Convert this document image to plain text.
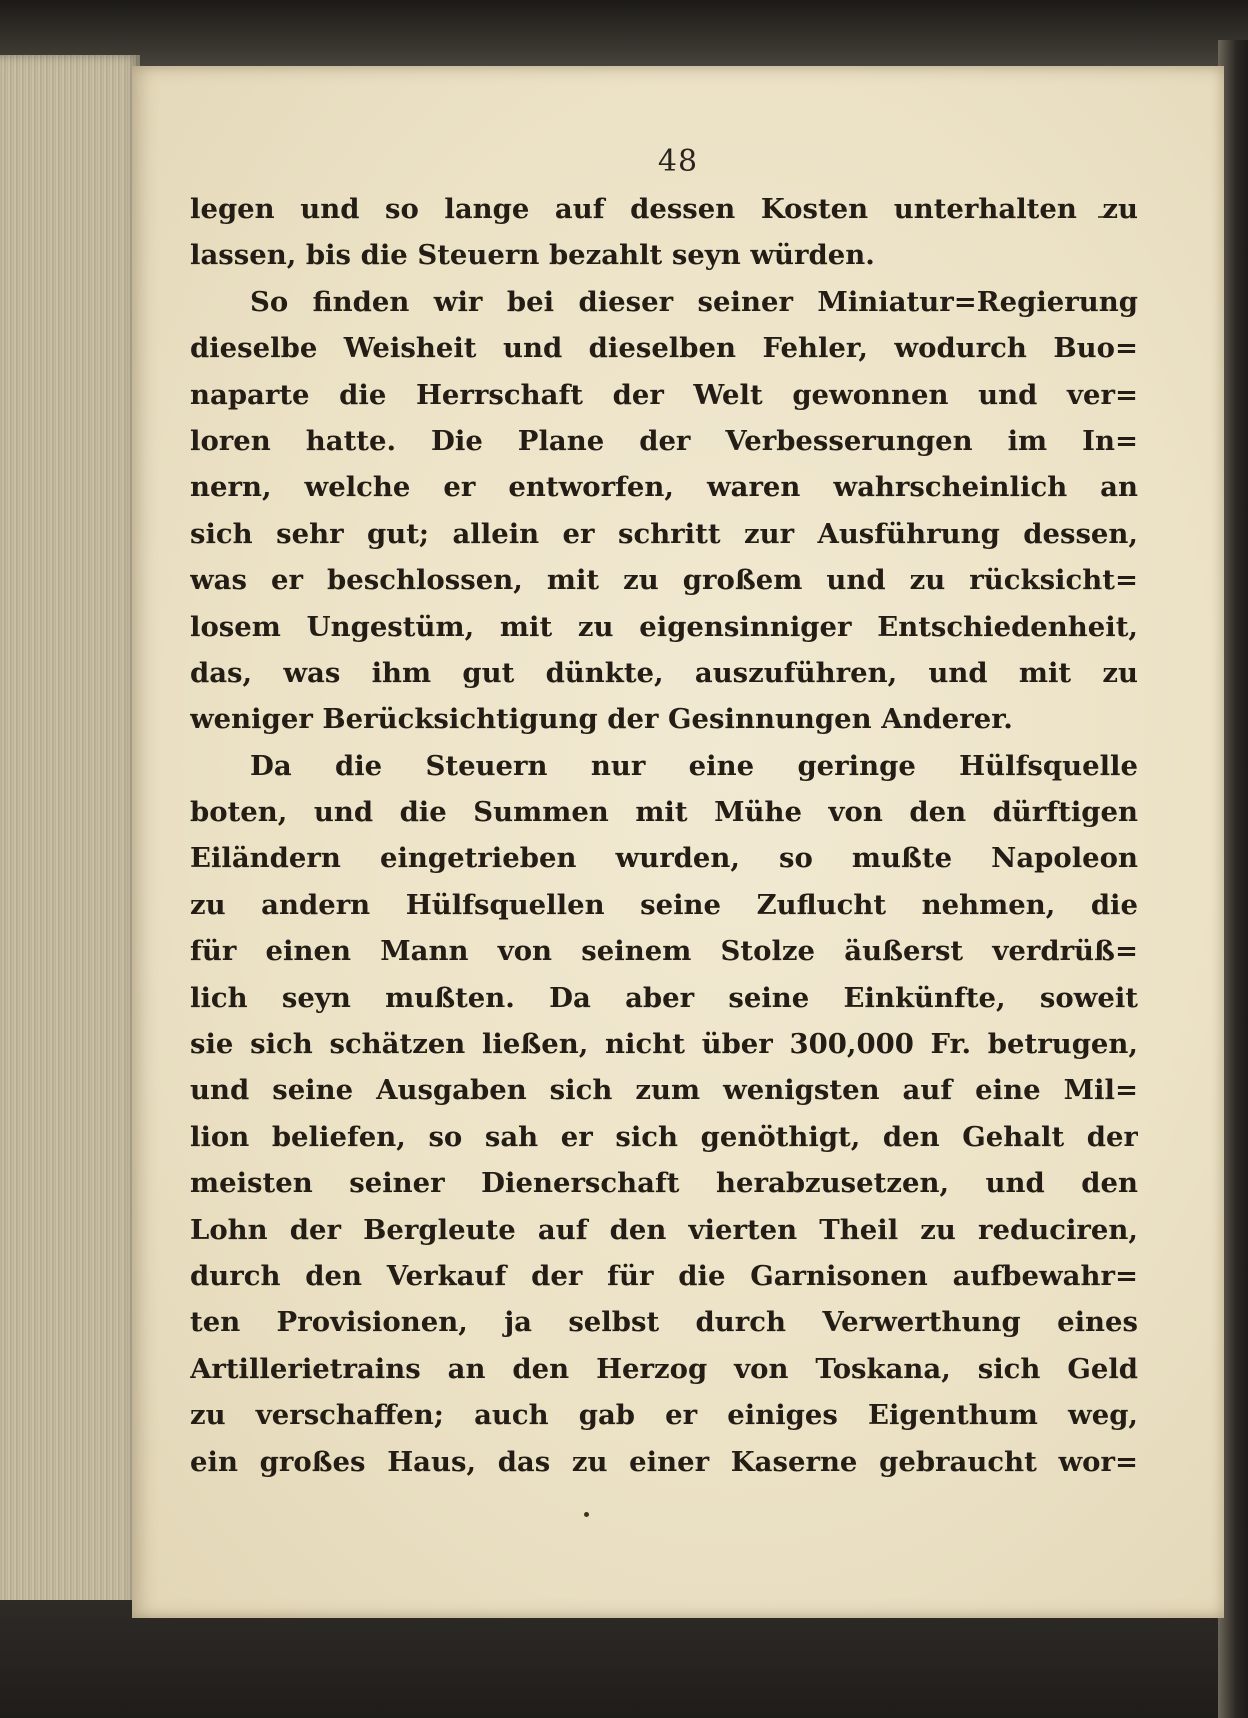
48
legen und so lange auf dessen Kosten unterhalten zu
lassen, bis die Steuern bezahlt seyn würden.
So finden wir bei dieser seiner Miniatur=Regierung
dieselbe Weisheit und dieselben Fehler, wodurch Buo=
naparte die Herrschaft der Welt gewonnen und ver=
loren hatte. Die Plane der Verbesserungen im In=
nern, welche er entworfen, waren wahrscheinlich an
sich sehr gut; allein er schritt zur Ausführung dessen,
was er beschlossen, mit zu großem und zu rücksicht=
losem Ungestüm, mit zu eigensinniger Entschiedenheit,
das, was ihm gut dünkte, auszuführen, und mit zu
weniger Berücksichtigung der Gesinnungen Anderer.
Da die Steuern nur eine geringe Hülfsquelle
boten, und die Summen mit Mühe von den dürftigen
Eiländern eingetrieben wurden, so mußte Napoleon
zu andern Hülfsquellen seine Zuflucht nehmen, die
für einen Mann von seinem Stolze äußerst verdrüß=
lich seyn mußten. Da aber seine Einkünfte, soweit
sie sich schätzen ließen, nicht über 300,000 Fr. betrugen,
und seine Ausgaben sich zum wenigsten auf eine Mil=
lion beliefen, so sah er sich genöthigt, den Gehalt der
meisten seiner Dienerschaft herabzusetzen, und den
Lohn der Bergleute auf den vierten Theil zu reduciren,
durch den Verkauf der für die Garnisonen aufbewahr=
ten Provisionen, ja selbst durch Verwerthung eines
Artillerietrains an den Herzog von Toskana, sich Geld
zu verschaffen; auch gab er einiges Eigenthum weg,
ein großes Haus, das zu einer Kaserne gebraucht wor=
